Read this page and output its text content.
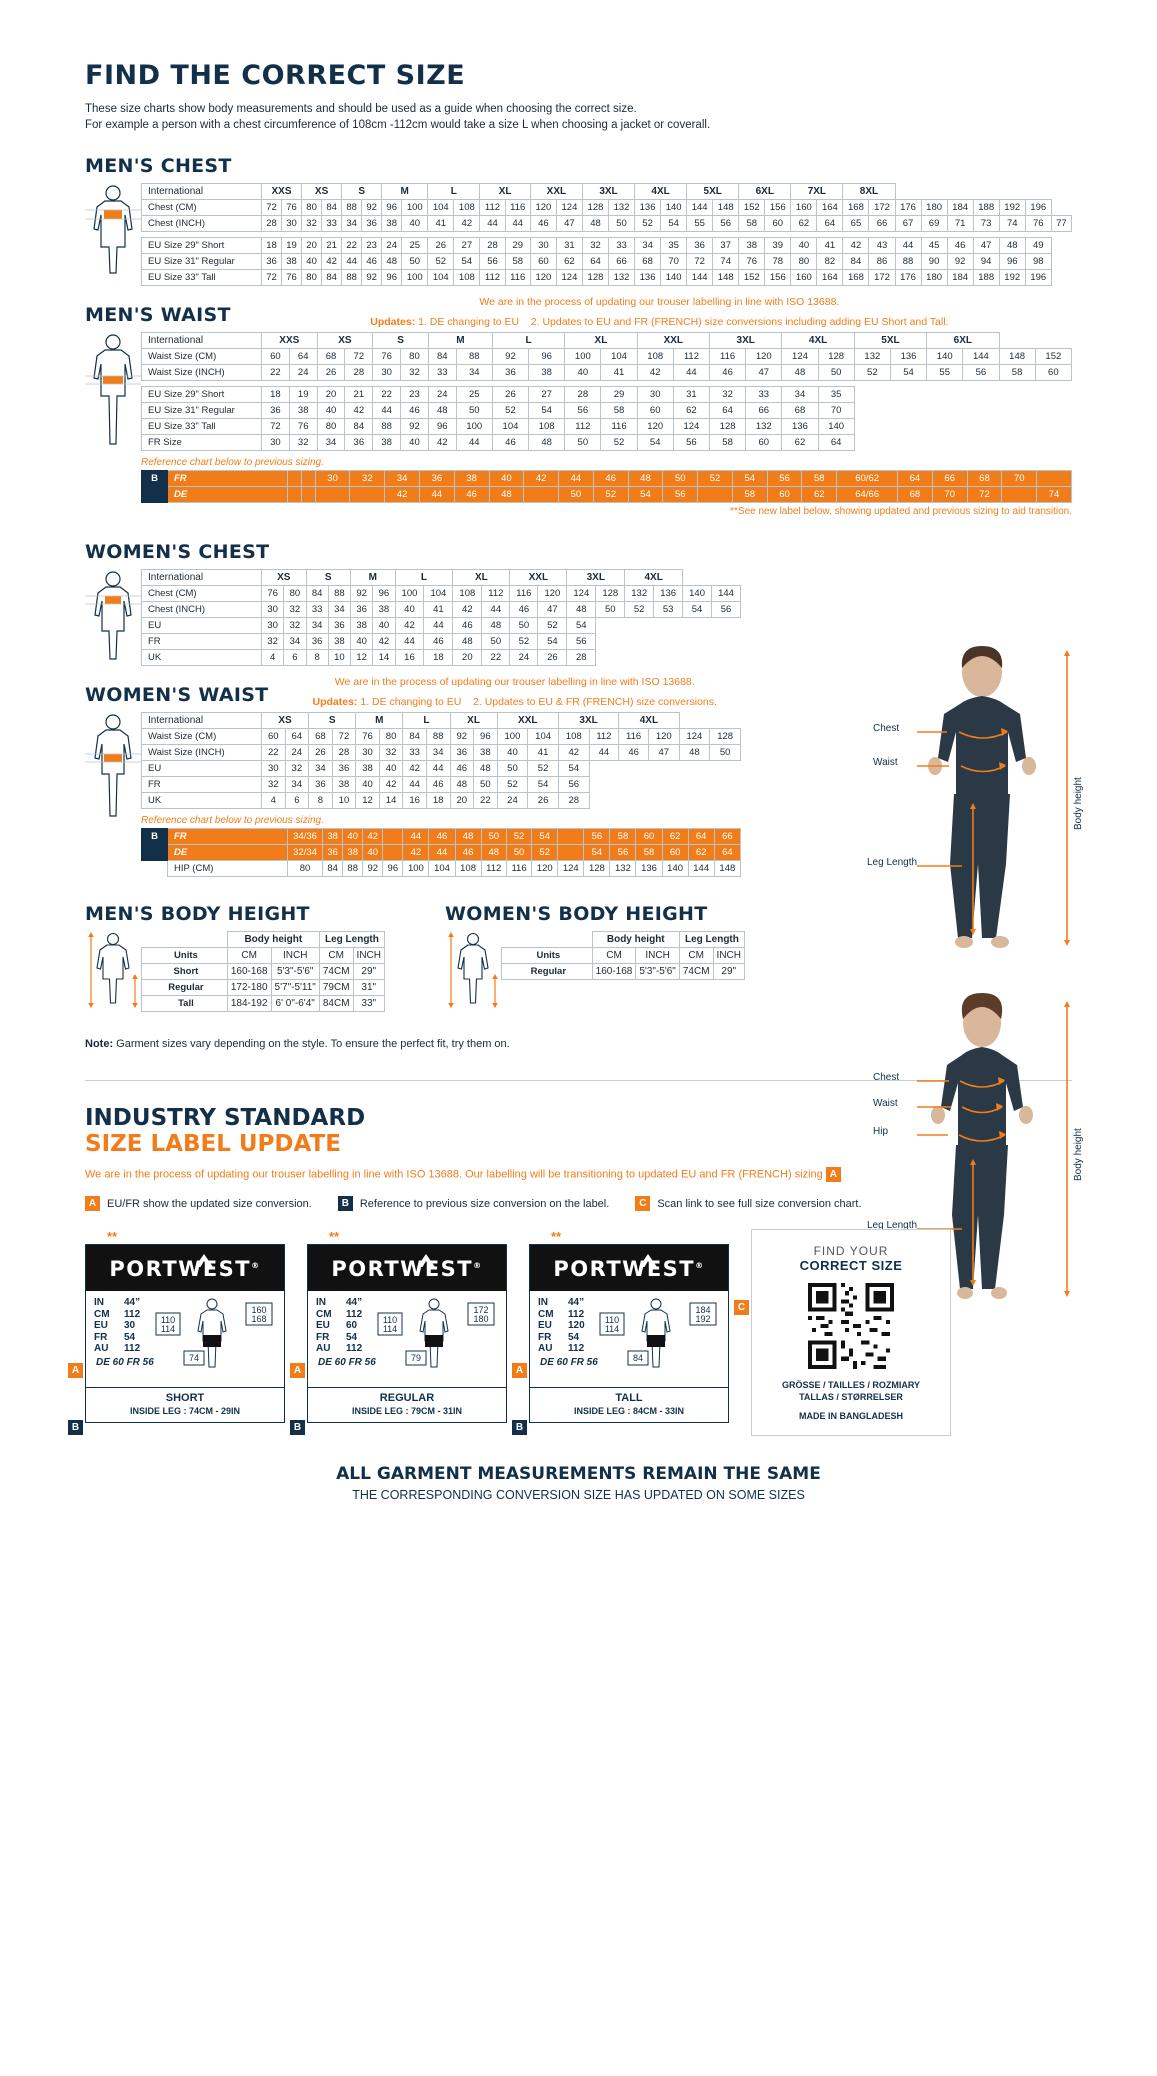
FIND THE CORRECT SIZE
These size charts show body measurements and should be used as a guide when choosing the correct size.
For example a person with a chest circumference of 108cm -112cm would take a size L when choosing a jacket or coverall.
MEN'S CHEST
International	XXS		XS		S		M		L		XL		XXL		3XL		4XL		5XL		6XL		7XL		8XL								
Chest (CM)	72	76	80	84	88	92	96	100	104	108	112	116	120	124	128	132	136	140	144	148	152	156	160	164	168	172	176	180	184	188	192	196	
Chest (INCH)	28	30	32	33	34	36	38	40	41	42	44	44	46	47	48	50	52	54	55	56	58	60	62	64	65	66	67	69	71	73	74	76	77

EU Size 29" Short	18	19	20	21	22	23	24	25	26	27	28	29	30	31	32	33	34	35	36	37	38	39	40	41	42	43	44	45	46	47	48	49	
EU Size 31" Regular	36	38	40	42	44	46	48	50	52	54	56	58	60	62	64	66	68	70	72	74	76	78	80	82	84	86	88	90	92	94	96	98	
EU Size 33" Tall	72	76	80	84	88	92	96	100	104	108	112	116	120	124	128	132	136	140	144	148	152	156	160	164	168	172	176	180	184	188	192	196	
MEN'S WAIST
We are in the process of updating our trouser labelling in line with ISO 13688.
Updates: 1. DE changing to EU 2. Updates to EU and FR (FRENCH) size conversions including adding EU Short and Tall.
International	XXS		XS		S		M		L		XL		XXL		3XL		4XL		5XL		6XL			
Waist Size (CM)	60	64	68	72	76	80	84	88	92	96	100	104	108	112	116	120	124	128	132	136	140	144	148	152
Waist Size (INCH)	22	24	26	28	30	32	33	34	36	38	40	41	42	44	46	47	48	50	52	54	55	56	58	60

EU Size 29" Short	18	19	20	21	22	23	24	25	26	27	28	29	30	31	32	33	34	35						
EU Size 31" Regular	36	38	40	42	44	46	48	50	52	54	56	58	60	62	64	66	68	70						
EU Size 33" Tall	72	76	80	84	88	92	96	100	104	108	112	116	120	124	128	132	136	140						
FR Size	30	32	34	36	38	40	42	44	46	48	50	52	54	56	58	60	62	64						
Reference chart below to previous sizing.
B	FR			30	32	34	36	38	40	42	44	46	48	50	52	54	56	58	60/62	64	66	68	70	
	DE					42	44	46	48		50	52	54	56		58	60	62	64/66	68	70	72		74
**See new label below, showing updated and previous sizing to aid transition.
WOMEN'S CHEST
International	XS		S		M		L		XL		XXL		3XL		4XL			
Chest (CM)	76	80	84	88	92	96	100	104	108	112	116	120	124	128	132	136	140	144
Chest (INCH)	30	32	33	34	36	38	40	41	42	44	46	47	48	50	52	53	54	56
EU	30	32	34	36	38	40	42	44	46	48	50	52	54					
FR	32	34	36	38	40	42	44	46	48	50	52	54	56					
UK	4	6	8	10	12	14	16	18	20	22	24	26	28					
WOMEN'S WAIST
We are in the process of updating our trouser labelling in line with ISO 13688.
Updates: 1. DE changing to EU 2. Updates to EU & FR (FRENCH) size conversions.
International	XS		S		M		L		XL		XXL		3XL		4XL			
Waist Size (CM)	60	64	68	72	76	80	84	88	92	96	100	104	108	112	116	120	124	128
Waist Size (INCH)	22	24	26	28	30	32	33	34	36	38	40	41	42	44	46	47	48	50
EU	30	32	34	36	38	40	42	44	46	48	50	52	54					
FR	32	34	36	38	40	42	44	46	48	50	52	54	56					
UK	4	6	8	10	12	14	16	18	20	22	24	26	28					
Reference chart below to previous sizing.
B	FR	34/36	38	40	42		44	46	48	50	52	54		56	58	60	62	64	66
	DE	32/34	36	38	40		42	44	46	48	50	52		54	56	58	60	62	64
	HIP (CM)	80	84	88	92	96	100	104	108	112	116	120	124	128	132	136	140	144	148
MEN'S BODY HEIGHT
	Body height		Leg Length	
Units	CM	INCH	CM	INCH
Short	160-168	5'3"-5'6"	74CM	29"
Regular	172-180	5'7"-5'11"	79CM	31"
Tall	184-192	6' 0"-6'4"	84CM	33"
WOMEN'S BODY HEIGHT
	Body height		Leg Length	
Units	CM	INCH	CM	INCH
Regular	160-168	5'3"-5'6"	74CM	29"
Note: Garment sizes vary depending on the style. To ensure the perfect fit, try them on.
Chest
Waist
Leg Length
Body height
Chest
Waist
Hip
Leg Length
Body height
INDUSTRY STANDARD
SIZE LABEL UPDATE
We are in the process of updating our trouser labelling in line with ISO 13688. Our labelling will be transitioning to updated EU and FR (FRENCH) sizing A
A EU/FR show the updated size conversion.	B Reference to previous size conversion on the label.	C Scan link to see full size conversion chart.
**
PORTWEST®
IN	44”
CM	112
EU	30
FR	54
AU	112
110
114
160
168
74
DE 60 FR 56
SHORT
INSIDE LEG : 74CM - 29IN
A
B
**
PORTWEST®
IN	44”
CM	112
EU	60
FR	54
AU	112
110
114
172
180
79
DE 60 FR 56
REGULAR
INSIDE LEG : 79CM - 31IN
A
B
**
PORTWEST®
IN	44”
CM	112
EU	120
FR	54
AU	112
110
114
184
192
84
DE 60 FR 56
TALL
INSIDE LEG : 84CM - 33IN
A
B
C
FIND YOUR
CORRECT SIZE
GRÖSSE / TAILLES / ROZMIARY
TALLAS / STØRRELSER
MADE IN BANGLADESH
ALL GARMENT MEASUREMENTS REMAIN THE SAME
THE CORRESPONDING CONVERSION SIZE HAS UPDATED ON SOME SIZES
